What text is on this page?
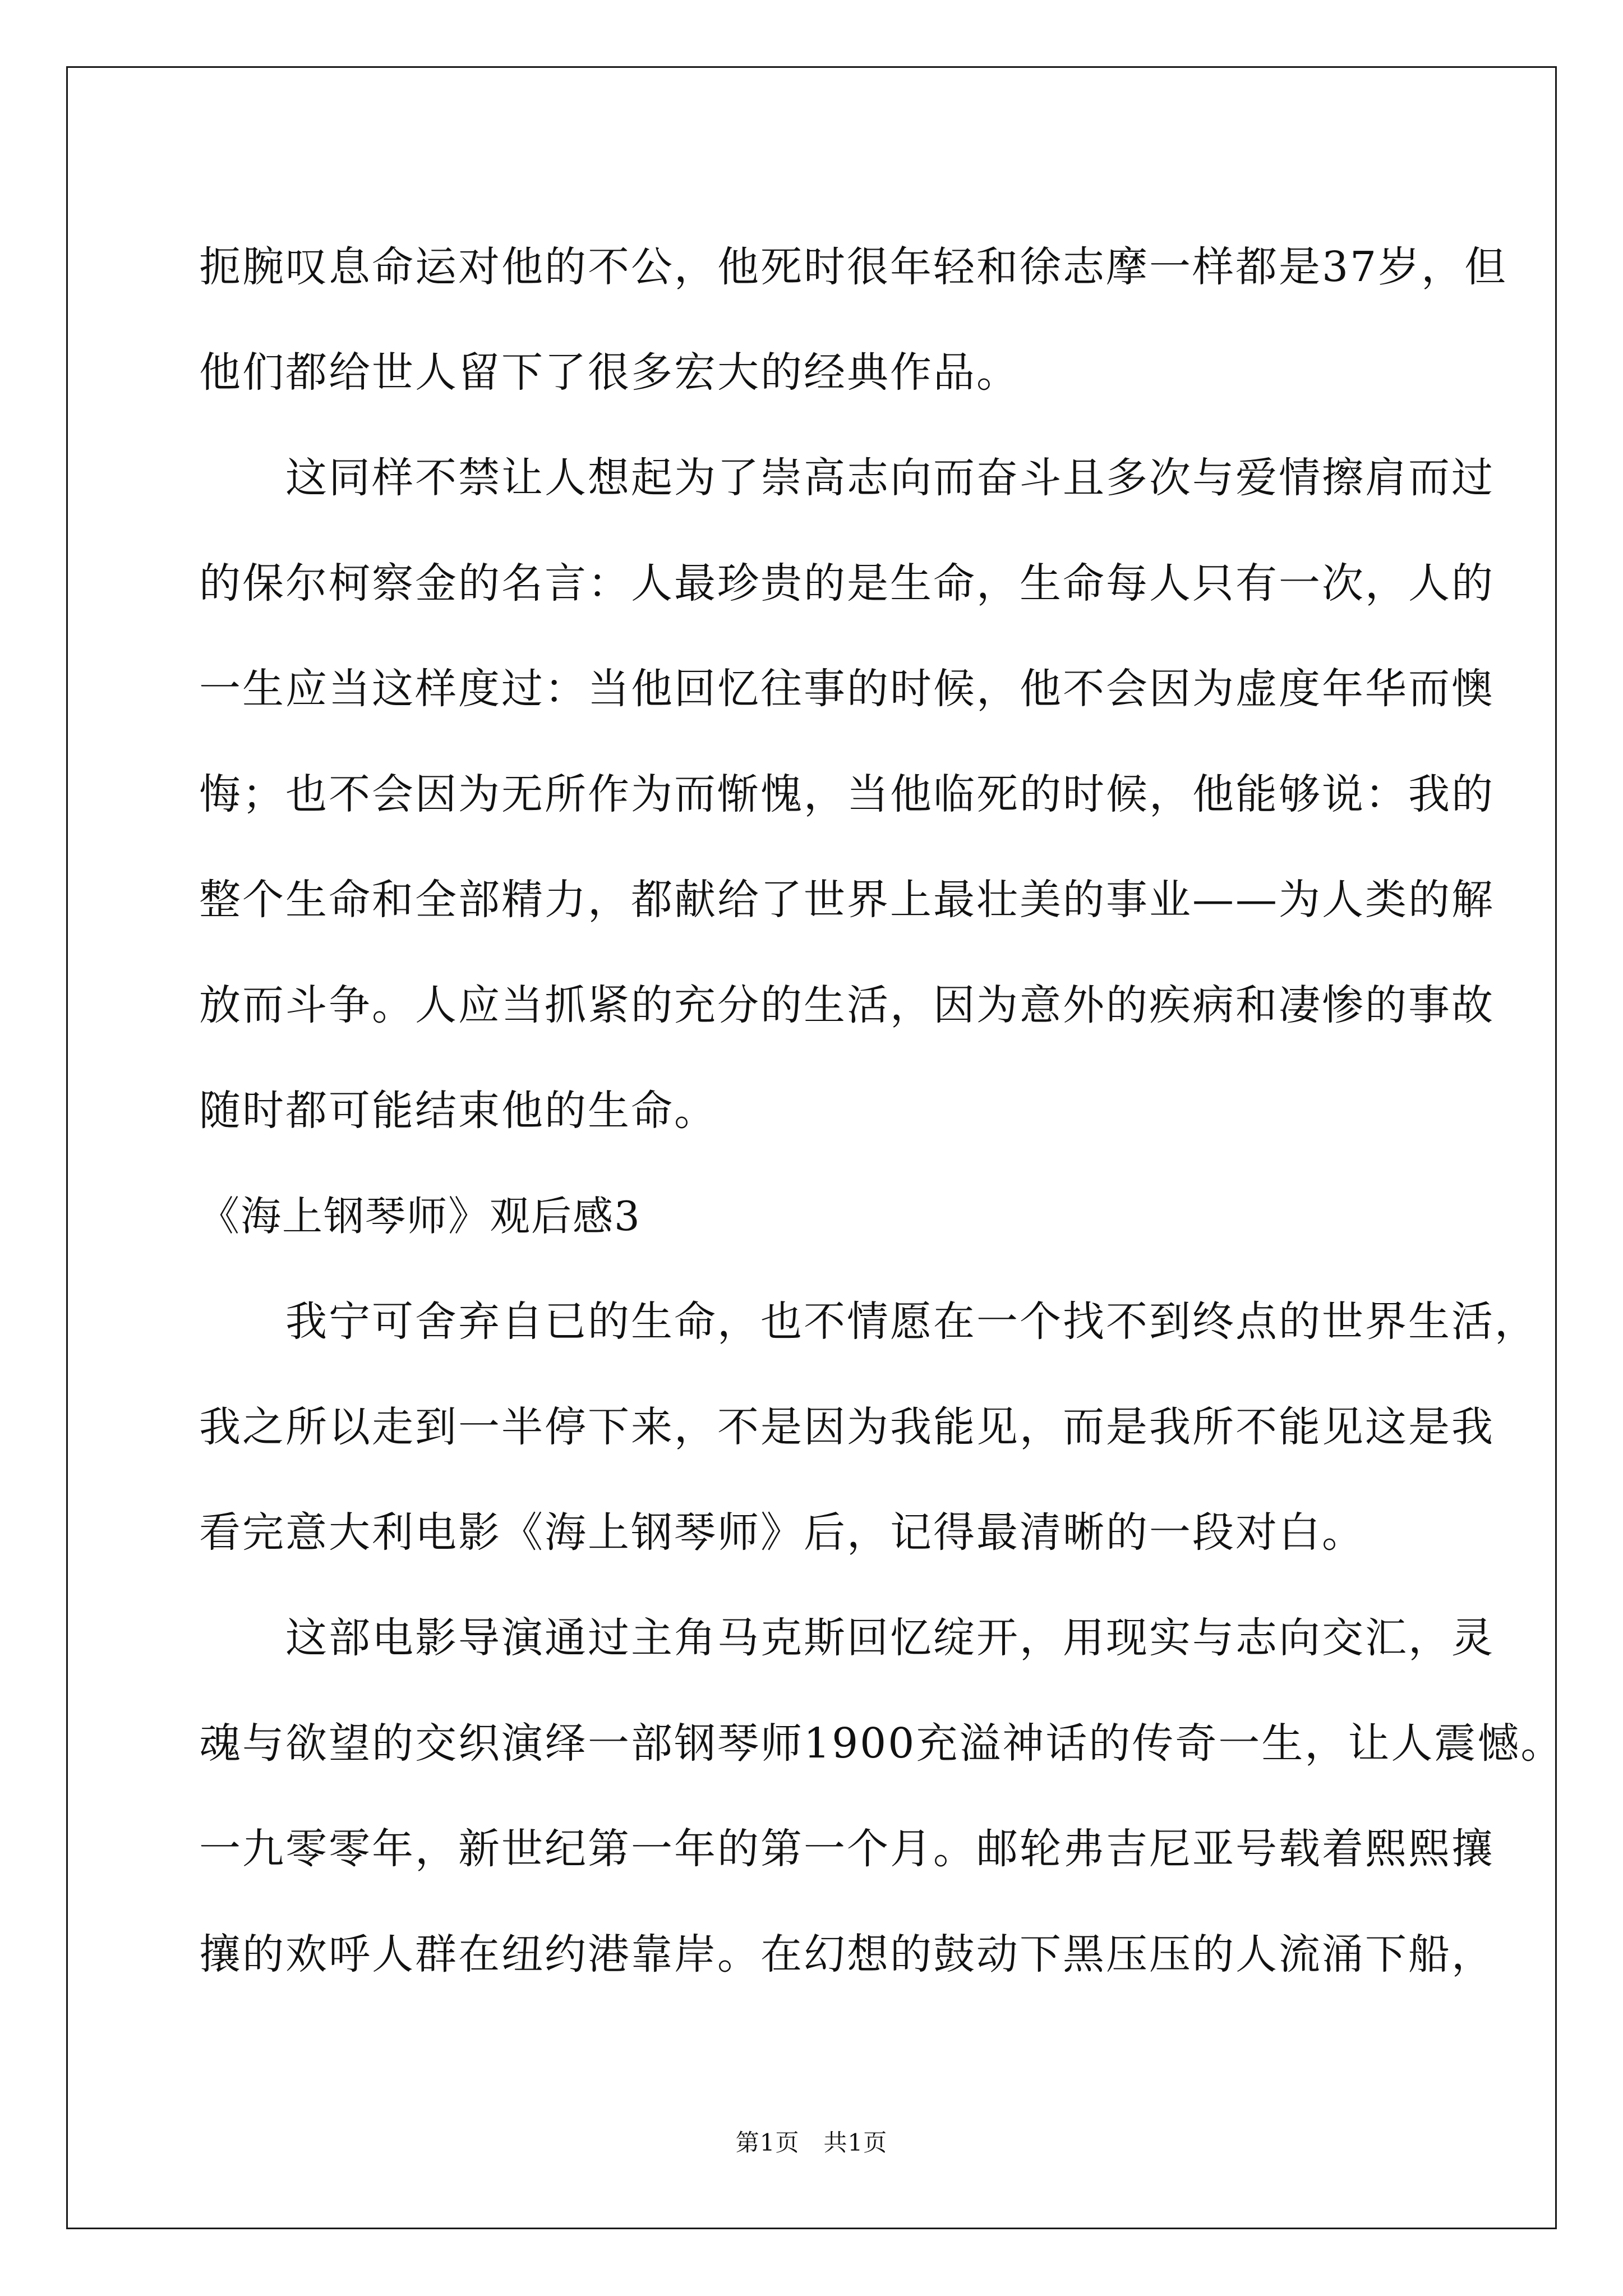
扼腕叹息命运对他的不公，他死时很年轻和徐志摩一样都是37岁，但
他们都给世人留下了很多宏大的经典作品。
　　这同样不禁让人想起为了崇高志向而奋斗且多次与爱情擦肩而过
的保尔柯察金的名言：人最珍贵的是生命，生命每人只有一次，人的
一生应当这样度过：当他回忆往事的时候，他不会因为虚度年华而懊
悔；也不会因为无所作为而惭愧，当他临死的时候，他能够说：我的
整个生命和全部精力，都献给了世界上最壮美的事业——为人类的解
放而斗争。人应当抓紧的充分的生活，因为意外的疾病和凄惨的事故
随时都可能结束他的生命。
《海上钢琴师》观后感3
　　我宁可舍弃自已的生命，也不情愿在一个找不到终点的世界生活，
我之所以走到一半停下来，不是因为我能见，而是我所不能见这是我
看完意大利电影《海上钢琴师》后，记得最清晰的一段对白。
　　这部电影导演通过主角马克斯回忆绽开，用现实与志向交汇，灵
魂与欲望的交织演绎一部钢琴师1900充溢神话的传奇一生，让人震憾。
一九零零年，新世纪第一年的第一个月。邮轮弗吉尼亚号载着熙熙攘
攘的欢呼人群在纽约港靠岸。在幻想的鼓动下黑压压的人流涌下船，
第1页　共1页
